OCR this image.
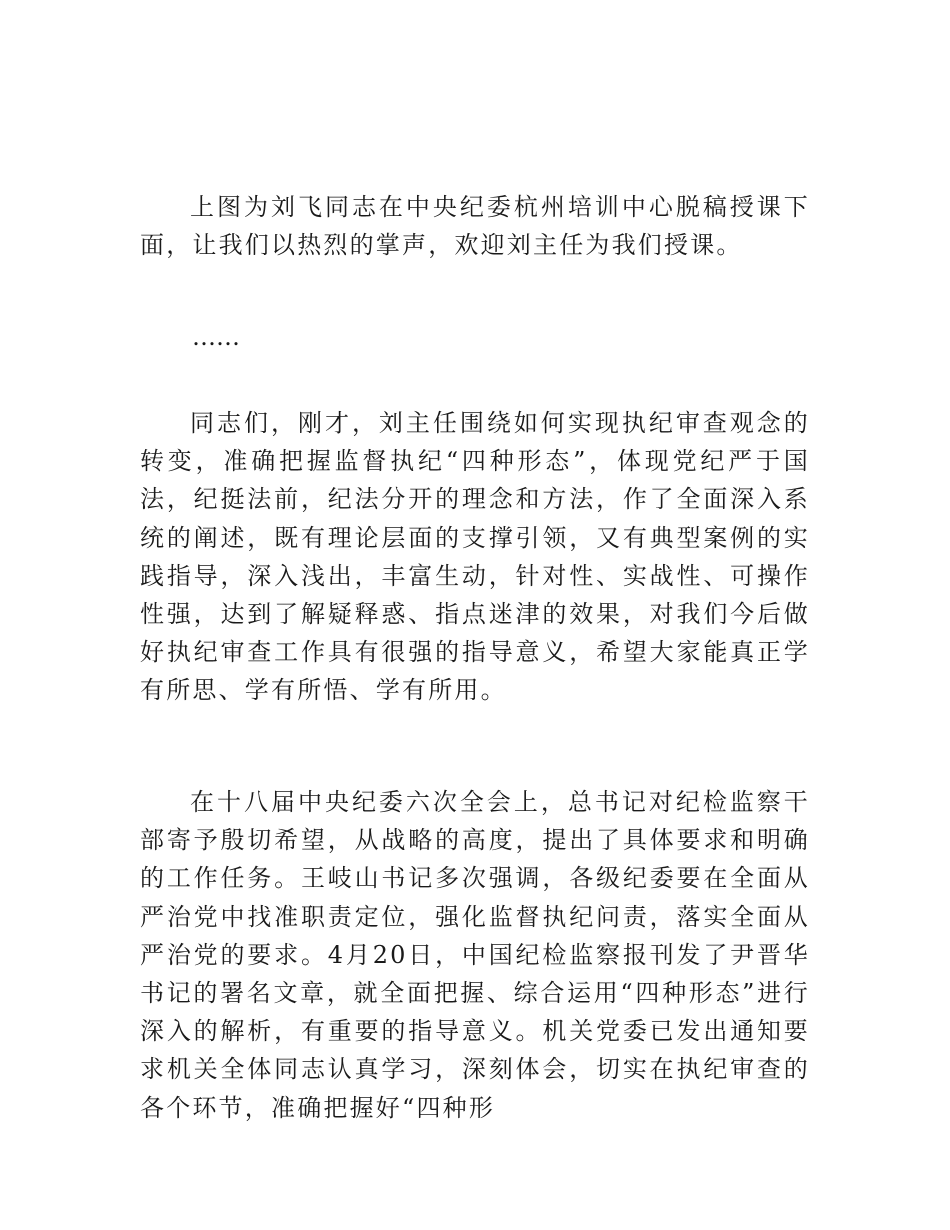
上图为刘飞同志在中央纪委杭州培训中心脱稿授课下面，让我们以热烈的掌声，欢迎刘主任为我们授课。

……

同志们，刚才，刘主任围绕如何实现执纪审查观念的转变，准确把握监督执纪“四种形态”，体现党纪严于国法，纪挺法前，纪法分开的理念和方法，作了全面深入系统的阐述，既有理论层面的支撑引领，又有典型案例的实践指导，深入浅出，丰富生动，针对性、实战性、可操作性强，达到了解疑释惑、指点迷津的效果，对我们今后做好执纪审查工作具有很强的指导意义，希望大家能真正学有所思、学有所悟、学有所用。

在十八届中央纪委六次全会上，总书记对纪检监察干部寄予殷切希望，从战略的高度，提出了具体要求和明确的工作任务。王岐山书记多次强调，各级纪委要在全面从严治党中找准职责定位，强化监督执纪问责，落实全面从严治党的要求。4月20日，中国纪检监察报刊发了尹晋华书记的署名文章，就全面把握、综合运用“四种形态”进行深入的解析，有重要的指导意义。机关党委已发出通知要求机关全体同志认真学习，深刻体会，切实在执纪审查的各个环节，准确把握好“四种形
